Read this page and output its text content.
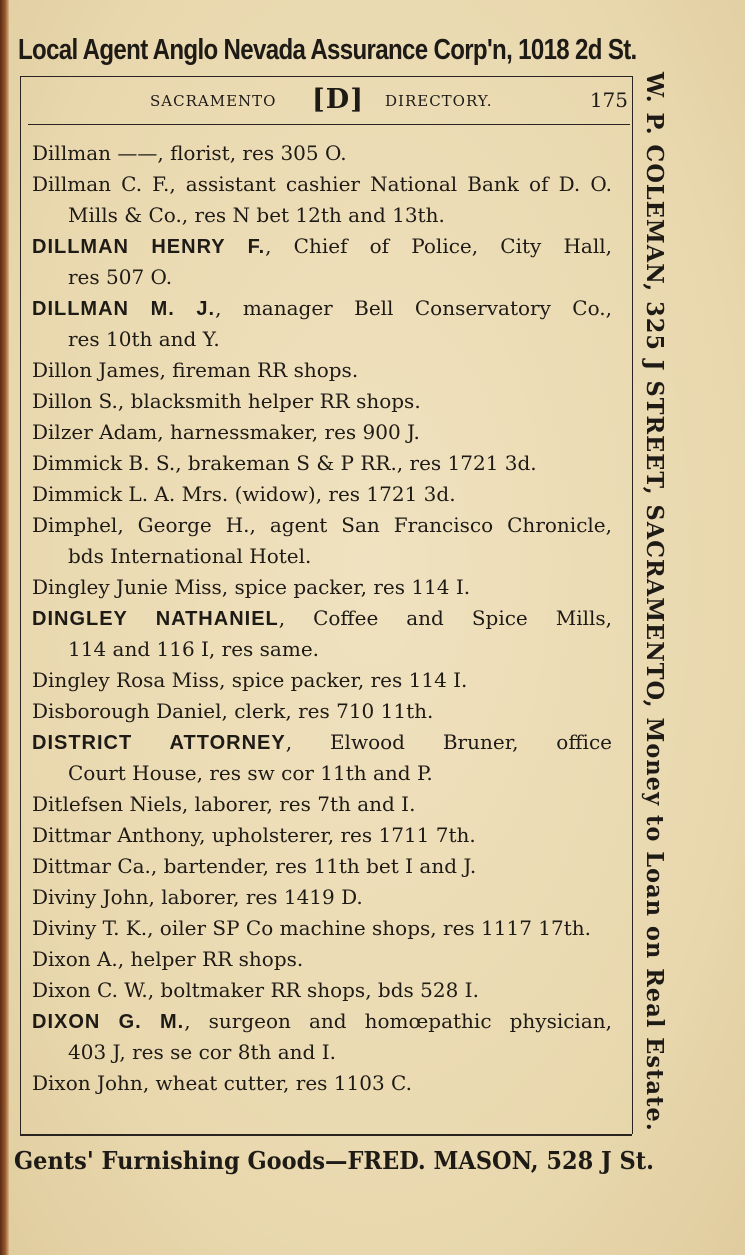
Local Agent Anglo Nevada Assurance Corp'n, 1018 2d St.
SACRAMENTO [D] DIRECTORY.	175
Dillman ——, florist, res 305 O.
Dillman C. F., assistant cashier National Bank of D. O.
Mills & Co., res N bet 12th and 13th.
DILLMAN HENRY F., Chief of Police, City Hall,
res 507 O.
DILLMAN M. J., manager Bell Conservatory Co.,
res 10th and Y.
Dillon James, fireman RR shops.
Dillon S., blacksmith helper RR shops.
Dilzer Adam, harnessmaker, res 900 J.
Dimmick B. S., brakeman S & P RR., res 1721 3d.
Dimmick L. A. Mrs. (widow), res 1721 3d.
Dimphel, George H., agent San Francisco Chronicle,
bds International Hotel.
Dingley Junie Miss, spice packer, res 114 I.
DINGLEY NATHANIEL, Coffee and Spice Mills,
114 and 116 I, res same.
Dingley Rosa Miss, spice packer, res 114 I.
Disborough Daniel, clerk, res 710 11th.
DISTRICT ATTORNEY, Elwood Bruner, office
Court House, res sw cor 11th and P.
Ditlefsen Niels, laborer, res 7th and I.
Dittmar Anthony, upholsterer, res 1711 7th.
Dittmar Ca., bartender, res 11th bet I and J.
Diviny John, laborer, res 1419 D.
Diviny T. K., oiler SP Co machine shops, res 1117 17th.
Dixon A., helper RR shops.
Dixon C. W., boltmaker RR shops, bds 528 I.
DIXON G. M., surgeon and homœpathic physician,
403 J, res se cor 8th and I.
Dixon John, wheat cutter, res 1103 C.	W. P. COLEMAN, 325 J STREET, SACRAMENTO, Money to Loan on Real Estate.
Gents' Furnishing Goods—FRED. MASON, 528 J St.
